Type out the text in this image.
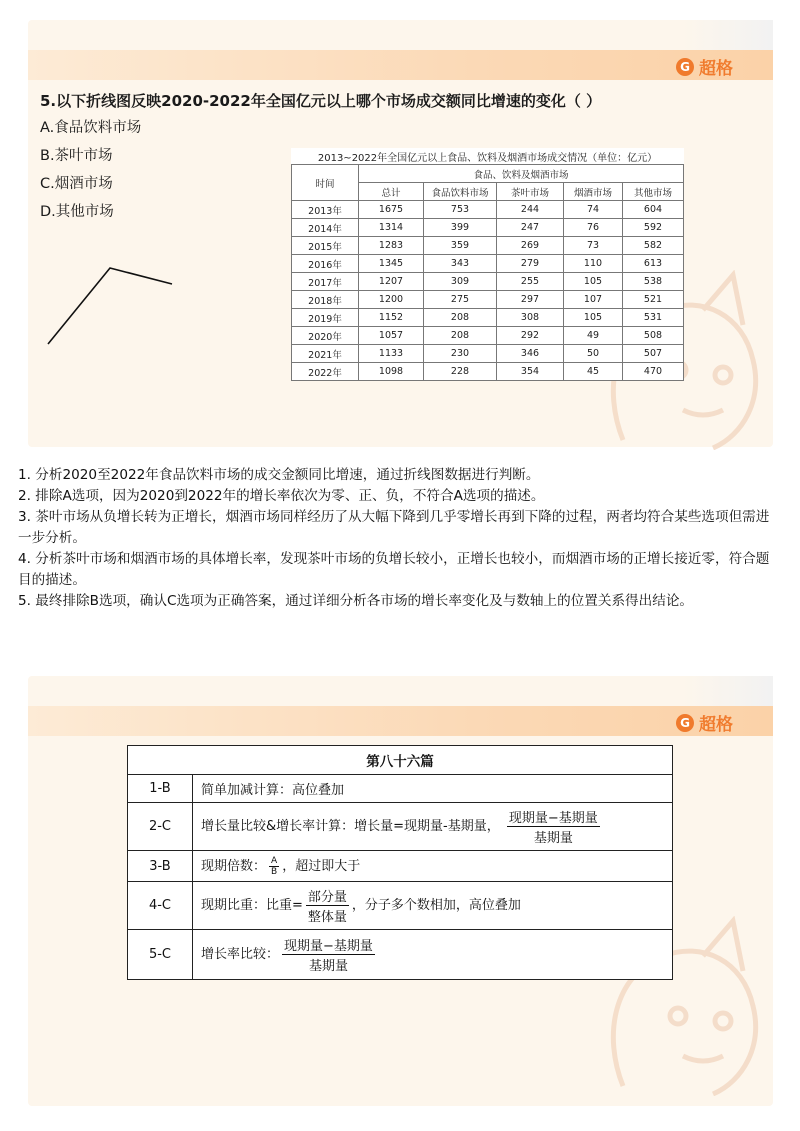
G 超格
5.以下折线图反映2020-2022年全国亿元以上哪个市场成交额同比增速的变化（ ）
A.食品饮料市场
B.茶叶市场
C.烟酒市场
D.其他市场
2013~2022年全国亿元以上食品、饮料及烟酒市场成交情况（单位：亿元）					
时间	食品、饮料及烟酒市场				
	总计	食品饮料市场	茶叶市场	烟酒市场	其他市场
2013年	1675	753	244	74	604
2014年	1314	399	247	76	592
2015年	1283	359	269	73	582
2016年	1345	343	279	110	613
2017年	1207	309	255	105	538
2018年	1200	275	297	107	521
2019年	1152	208	308	105	531
2020年	1057	208	292	49	508
2021年	1133	230	346	50	507
2022年	1098	228	354	45	470

1. 分析2020至2022年食品饮料市场的成交金额同比增速，通过折线图数据进行判断。

2. 排除A选项，因为2020到2022年的增长率依次为零、正、负，不符合A选项的描述。

3. 茶叶市场从负增长转为正增长，烟酒市场同样经历了从大幅下降到几乎零增长再到下降的过程，两者均符合某些选项但需进一步分析。

4. 分析茶叶市场和烟酒市场的具体增长率，发现茶叶市场的负增长较小，正增长也较小，而烟酒市场的正增长接近零，符合题目的描述。

5. 最终排除B选项，确认C选项为正确答案，通过详细分析各市场的增长率变化及与数轴上的位置关系得出结论。

G 超格
第八十六篇	
1-B	简单加减计算：高位叠加
2-C	增长量比较&增长率计算：增长量=现期量-基期量， $\frac{\text{现期量−基期量}}{\text{基期量}}$

3-B	现期倍数： $\frac{A}{B}$ ，超过即大于
4-C	现期比重：比重= $\frac{\text{部分量}}{\text{整体量}}$ ，分子多个数相加，高位叠加
5-C	增长率比较： $\frac{\text{现期量−基期量}}{\text{基期量}}$
